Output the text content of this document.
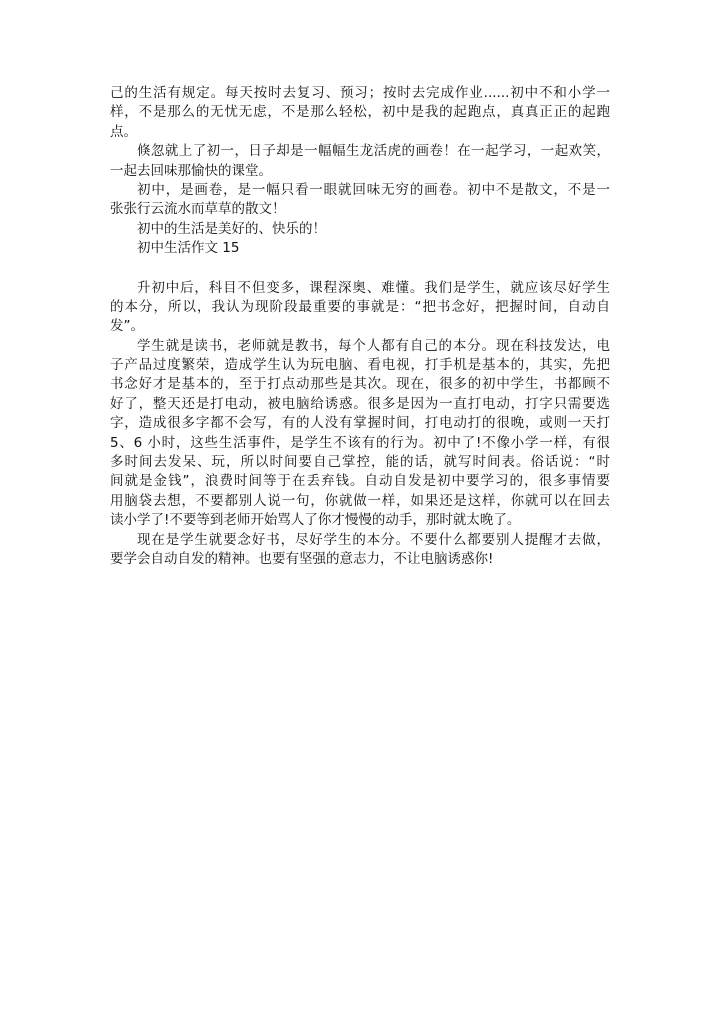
己的生活有规定。每天按时去复习、预习；按时去完成作业......初中不和小学一
样，不是那么的无忧无虑，不是那么轻松，初中是我的起跑点，真真正正的起跑
点。
倏忽就上了初一，日子却是一幅幅生龙活虎的画卷！在一起学习，一起欢笑，
一起去回味那愉快的课堂。
初中，是画卷，是一幅只看一眼就回味无穷的画卷。初中不是散文，不是一
张张行云流水而草草的散文！
初中的生活是美好的、快乐的！
初中生活作文 15
升初中后，科目不但变多，课程深奥、难懂。我们是学生，就应该尽好学生
的本分，所以，我认为现阶段最重要的事就是：“把书念好，把握时间，自动自
发”。
学生就是读书，老师就是教书，每个人都有自己的本分。现在科技发达，电
子产品过度繁荣，造成学生认为玩电脑、看电视，打手机是基本的，其实，先把
书念好才是基本的，至于打点动那些是其次。现在，很多的初中学生，书都顾不
好了，整天还是打电动，被电脑给诱惑。很多是因为一直打电动，打字只需要选
字，造成很多字都不会写，有的人没有掌握时间，打电动打的很晚，或则一天打
5、6 小时，这些生活事件，是学生不该有的行为。初中了!不像小学一样，有很
多时间去发呆、玩，所以时间要自己掌控，能的话，就写时间表。俗话说：“时
间就是金钱”，浪费时间等于在丢弃钱。自动自发是初中要学习的，很多事情要
用脑袋去想，不要都别人说一句，你就做一样，如果还是这样，你就可以在回去
读小学了!不要等到老师开始骂人了你才慢慢的动手，那时就太晚了。
现在是学生就要念好书，尽好学生的本分。不要什么都要别人提醒才去做，
要学会自动自发的精神。也要有坚强的意志力，不让电脑诱惑你!
